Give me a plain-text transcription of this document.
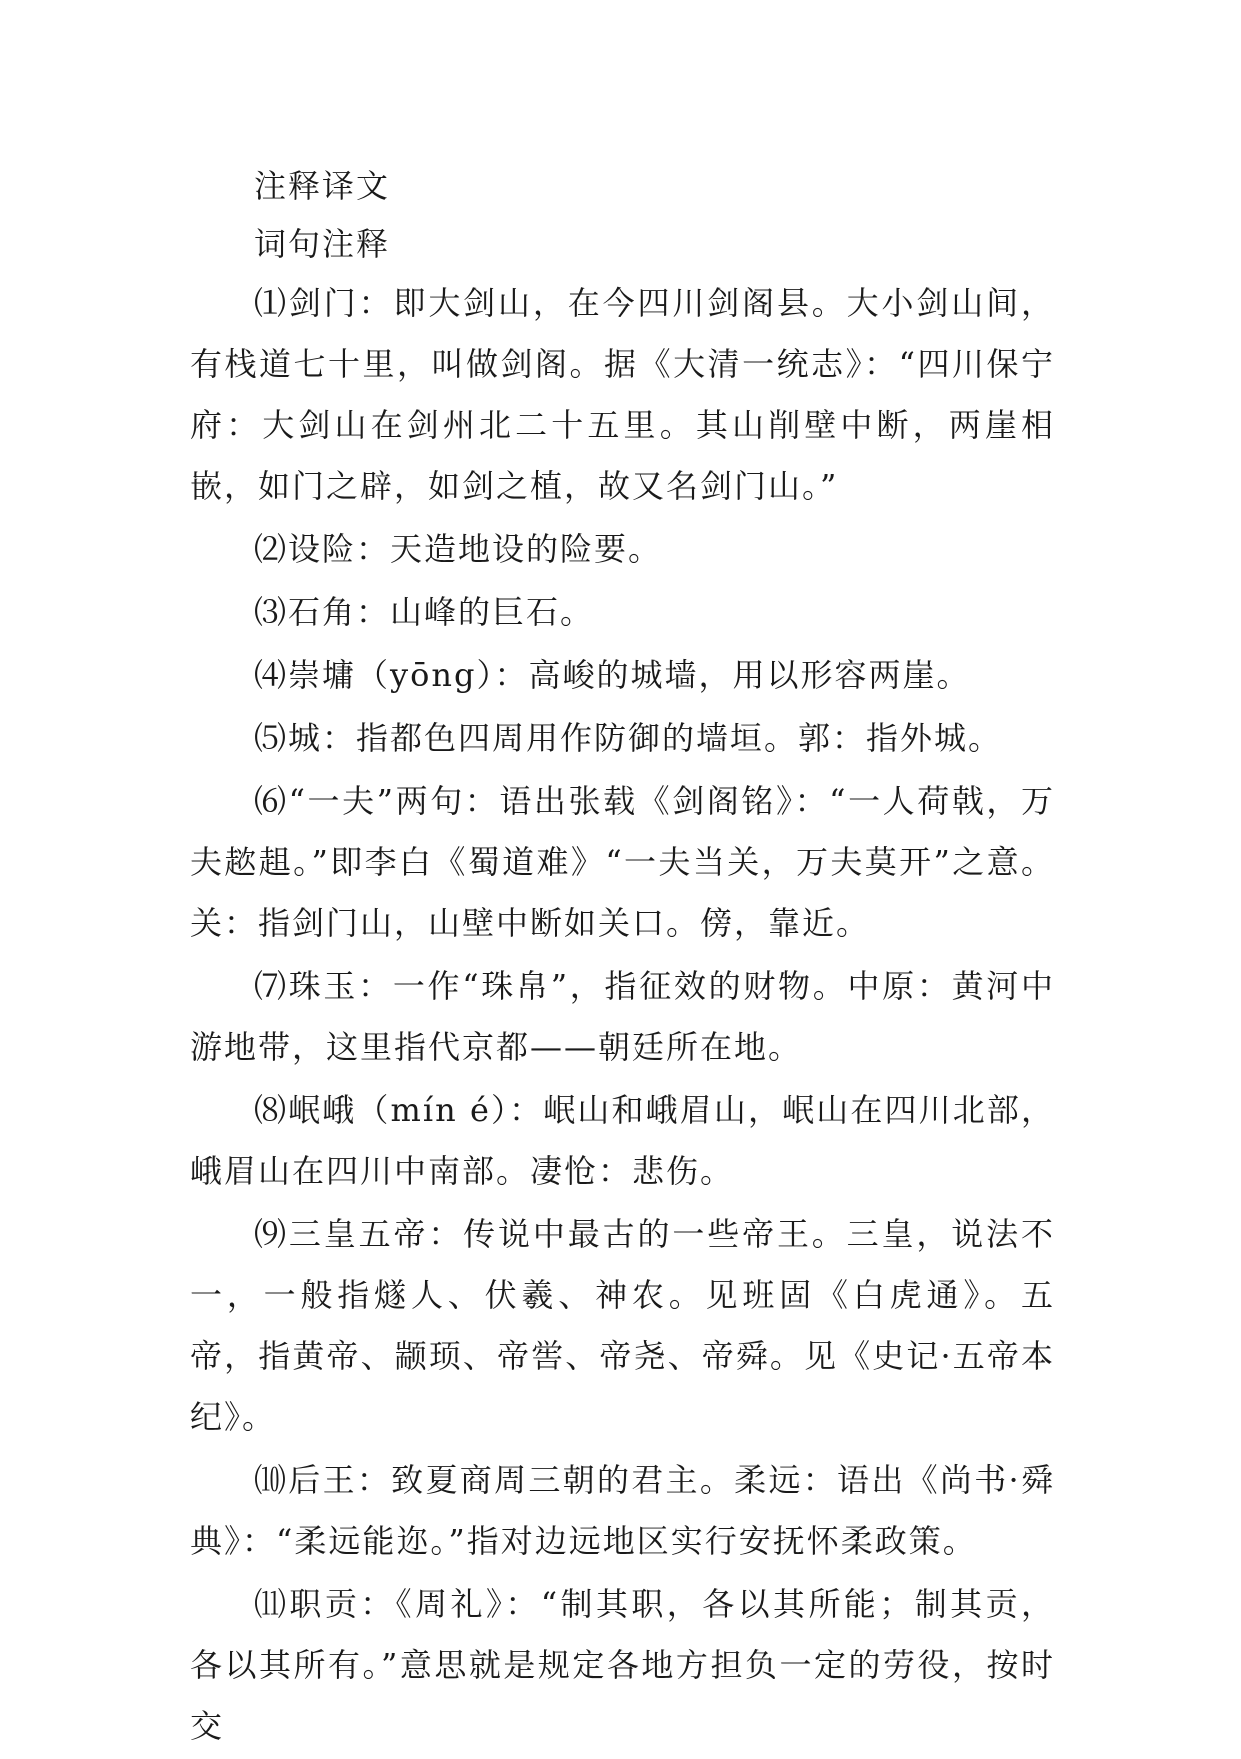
注释译文
词句注释

⑴剑门：即大剑山，在今四川剑阁县。大小剑山间，有栈道七十里，叫做剑阁。据《大清一统志》：“四川保宁府：大剑山在剑州北二十五里。其山削壁中断，两崖相嵌，如门之辟，如剑之植，故又名剑门山。”

⑵设险：天造地设的险要。

⑶石角：山峰的巨石。

⑷崇墉（yōng）：高峻的城墙，用以形容两崖。

⑸城：指都色四周用作防御的墙垣。郭：指外城。

⑹“一夫”两句：语出张载《剑阁铭》：“一人荷戟，万夫趑趄。”即李白《蜀道难》“一夫当关，万夫莫开”之意。关：指剑门山，山壁中断如关口。傍，靠近。

⑺珠玉：一作“珠帛”，指征效的财物。中原：黄河中游地带，这里指代京都——朝廷所在地。

⑻岷峨（mín é）：岷山和峨眉山，岷山在四川北部，峨眉山在四川中南部。凄怆：悲伤。

⑼三皇五帝：传说中最古的一些帝王。三皇，说法不一，一般指燧人、伏羲、神农。见班固《白虎通》。五帝，指黄帝、颛顼、帝喾、帝尧、帝舜。见《史记·五帝本纪》。

⑽后王：致夏商周三朝的君主。柔远：语出《尚书·舜典》：“柔远能迩。”指对边远地区实行安抚怀柔政策。

⑾职贡：《周礼》：“制其职，各以其所能；制其贡，各以其所有。”意思就是规定各地方担负一定的劳役，按时交
